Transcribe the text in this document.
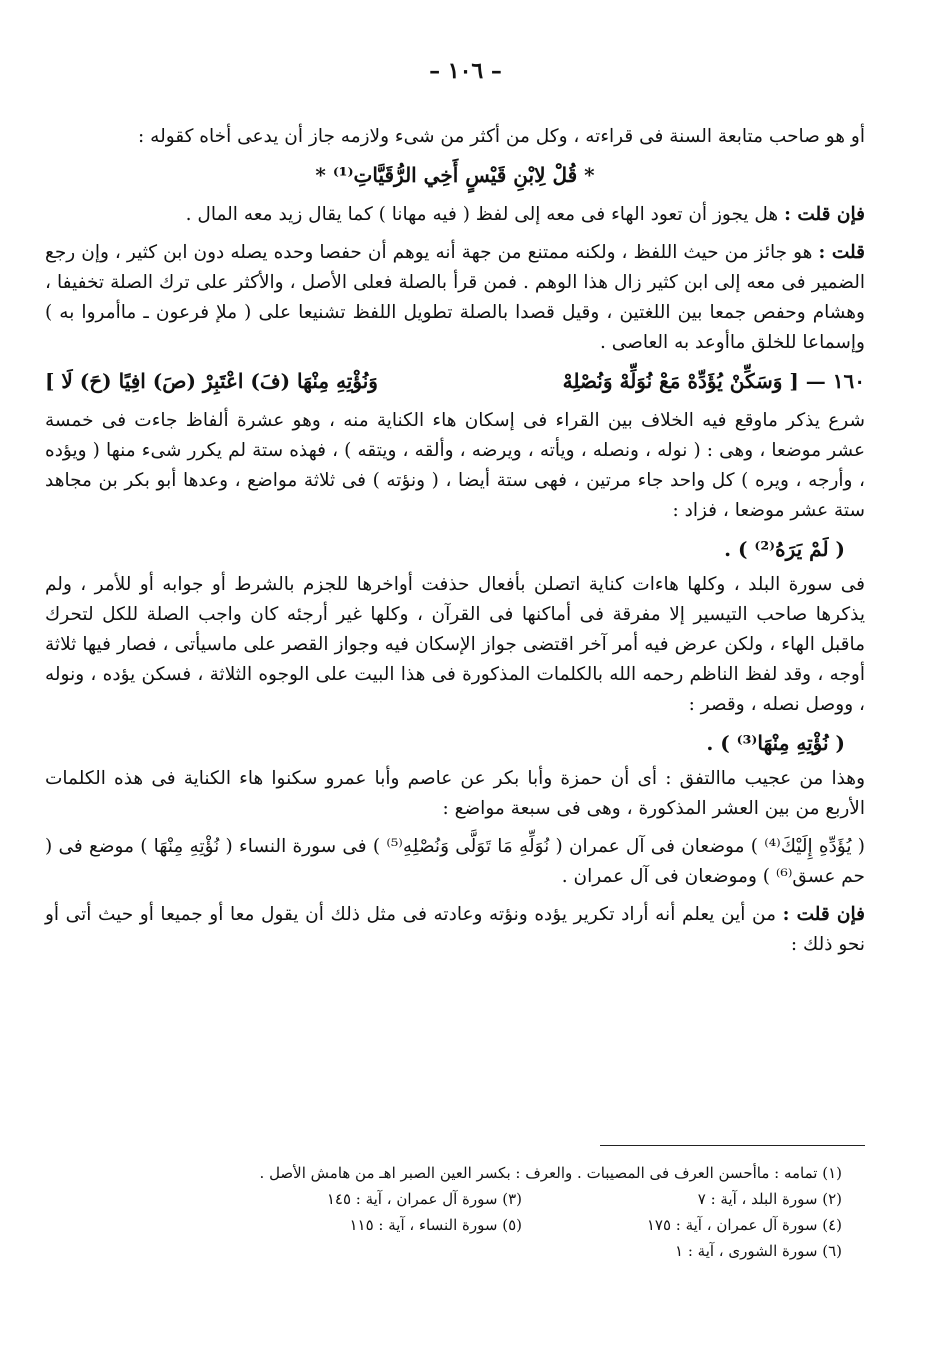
– ١٠٦ –

أو هو صاحب متابعة السنة فى قراءته ، وكل من أكثر من شىء ولازمه جاز أن يدعى أخاه كقوله :

* قُلْ لِابْنِ قَيْسٍ أَخِي الرُّقَيَّاتِ⁽¹⁾ *

فإن قلت : هل يجوز أن تعود الهاء فى معه إلى لفظ ( فيه مهانا ) كما يقال زيد معه المال .

قلت : هو جائز من حيث اللفظ ، ولكنه ممتنع من جهة أنه يوهم أن حفصا وحده يصله دون ابن كثير ، وإن رجع الضمير فى معه إلى ابن كثير زال هذا الوهم . فمن قرأ بالصلة فعلى الأصل ، والأكثر على ترك الصلة تخفيفا ، وهشام وحفص جمعا بين اللغتين ، وقيل قصدا بالصلة تطويل اللفظ تشنيعا على ( ملإ فرعون ـ ماأمروا به ) وإسماعا للخلق ماأوعد به العاصى .

١٦٠ — [ وَسَكِّنْ يُؤَدِّهْ مَعْ نُوَلِّهْ وَنُصْلِهْ
وَنُؤْتِهِ مِنْهَا (فَ) اعْتَبِرْ (صَ) افِيًا (حَ) لَا ]

شرع يذكر ماوقع فيه الخلاف بين القراء فى إسكان هاء الكناية منه ، وهو عشرة ألفاظ جاءت فى خمسة عشر موضعا ، وهى : ( نوله ، ونصله ، ويأته ، ويرضه ، وألقه ، ويتقه ) ، فهذه ستة لم يكرر شىء منها ( ويؤده ، وأرجه ، ويره ) كل واحد جاء مرتين ، فهى ستة أيضا ، ( ونؤته ) فى ثلاثة مواضع ، وعدها أبو بكر بن مجاهد ستة عشر موضعا ، فزاد :

( لَمْ يَرَهُ⁽²⁾ ) .

فى سورة البلد ، وكلها هاءات كناية اتصلن بأفعال حذفت أواخرها للجزم بالشرط أو جوابه أو للأمر ، ولم يذكرها صاحب التيسير إلا مفرقة فى أماكنها فى القرآن ، وكلها غير أرجئه كان واجب الصلة للكل لتحرك ماقبل الهاء ، ولكن عرض فيه أمر آخر اقتضى جواز الإسكان فيه وجواز القصر على ماسيأتى ، فصار فيها ثلاثة أوجه ، وقد لفظ الناظم رحمه الله بالكلمات المذكورة فى هذا البيت على الوجوه الثلاثة ، فسكن يؤده ، ونوله ، ووصل نصله ، وقصر :

( نُؤْتِهِ مِنْهَا⁽³⁾ ) .

وهذا من عجيب ماالتفق : أى أن حمزة وأبا بكر عن عاصم وأبا عمرو سكنوا هاء الكناية فى هذه الكلمات الأربع من بين العشر المذكورة ، وهى فى سبعة مواضع :

( يُؤَدِّهِ إِلَيْكَ⁽⁴⁾ ) موضعان فى آل عمران ( نُوَلِّهِ مَا تَوَلَّى وَنُصْلِهِ⁽⁵⁾ ) فى سورة النساء ( نُؤْتِهِ مِنْهَا ) موضع فى ( حم عسق⁽⁶⁾ ) وموضعان فى آل عمران .

فإن قلت : من أين يعلم أنه أراد تكرير يؤده ونؤته وعادته فى مثل ذلك أن يقول معا أو جميعا أو حيث أتى أو نحو ذلك :

(١) تمامه : ماأحسن العرف فى المصيبات . والعرف : بكسر العين الصبر اهـ من هامش الأصل .
(٢) سورة البلد ، آية : ٧
(٣) سورة آل عمران ، آية : ١٤٥
(٤) سورة آل عمران ، آية : ١٧٥
(٥) سورة النساء ، آية : ١١٥
(٦) سورة الشورى ، آية : ١
